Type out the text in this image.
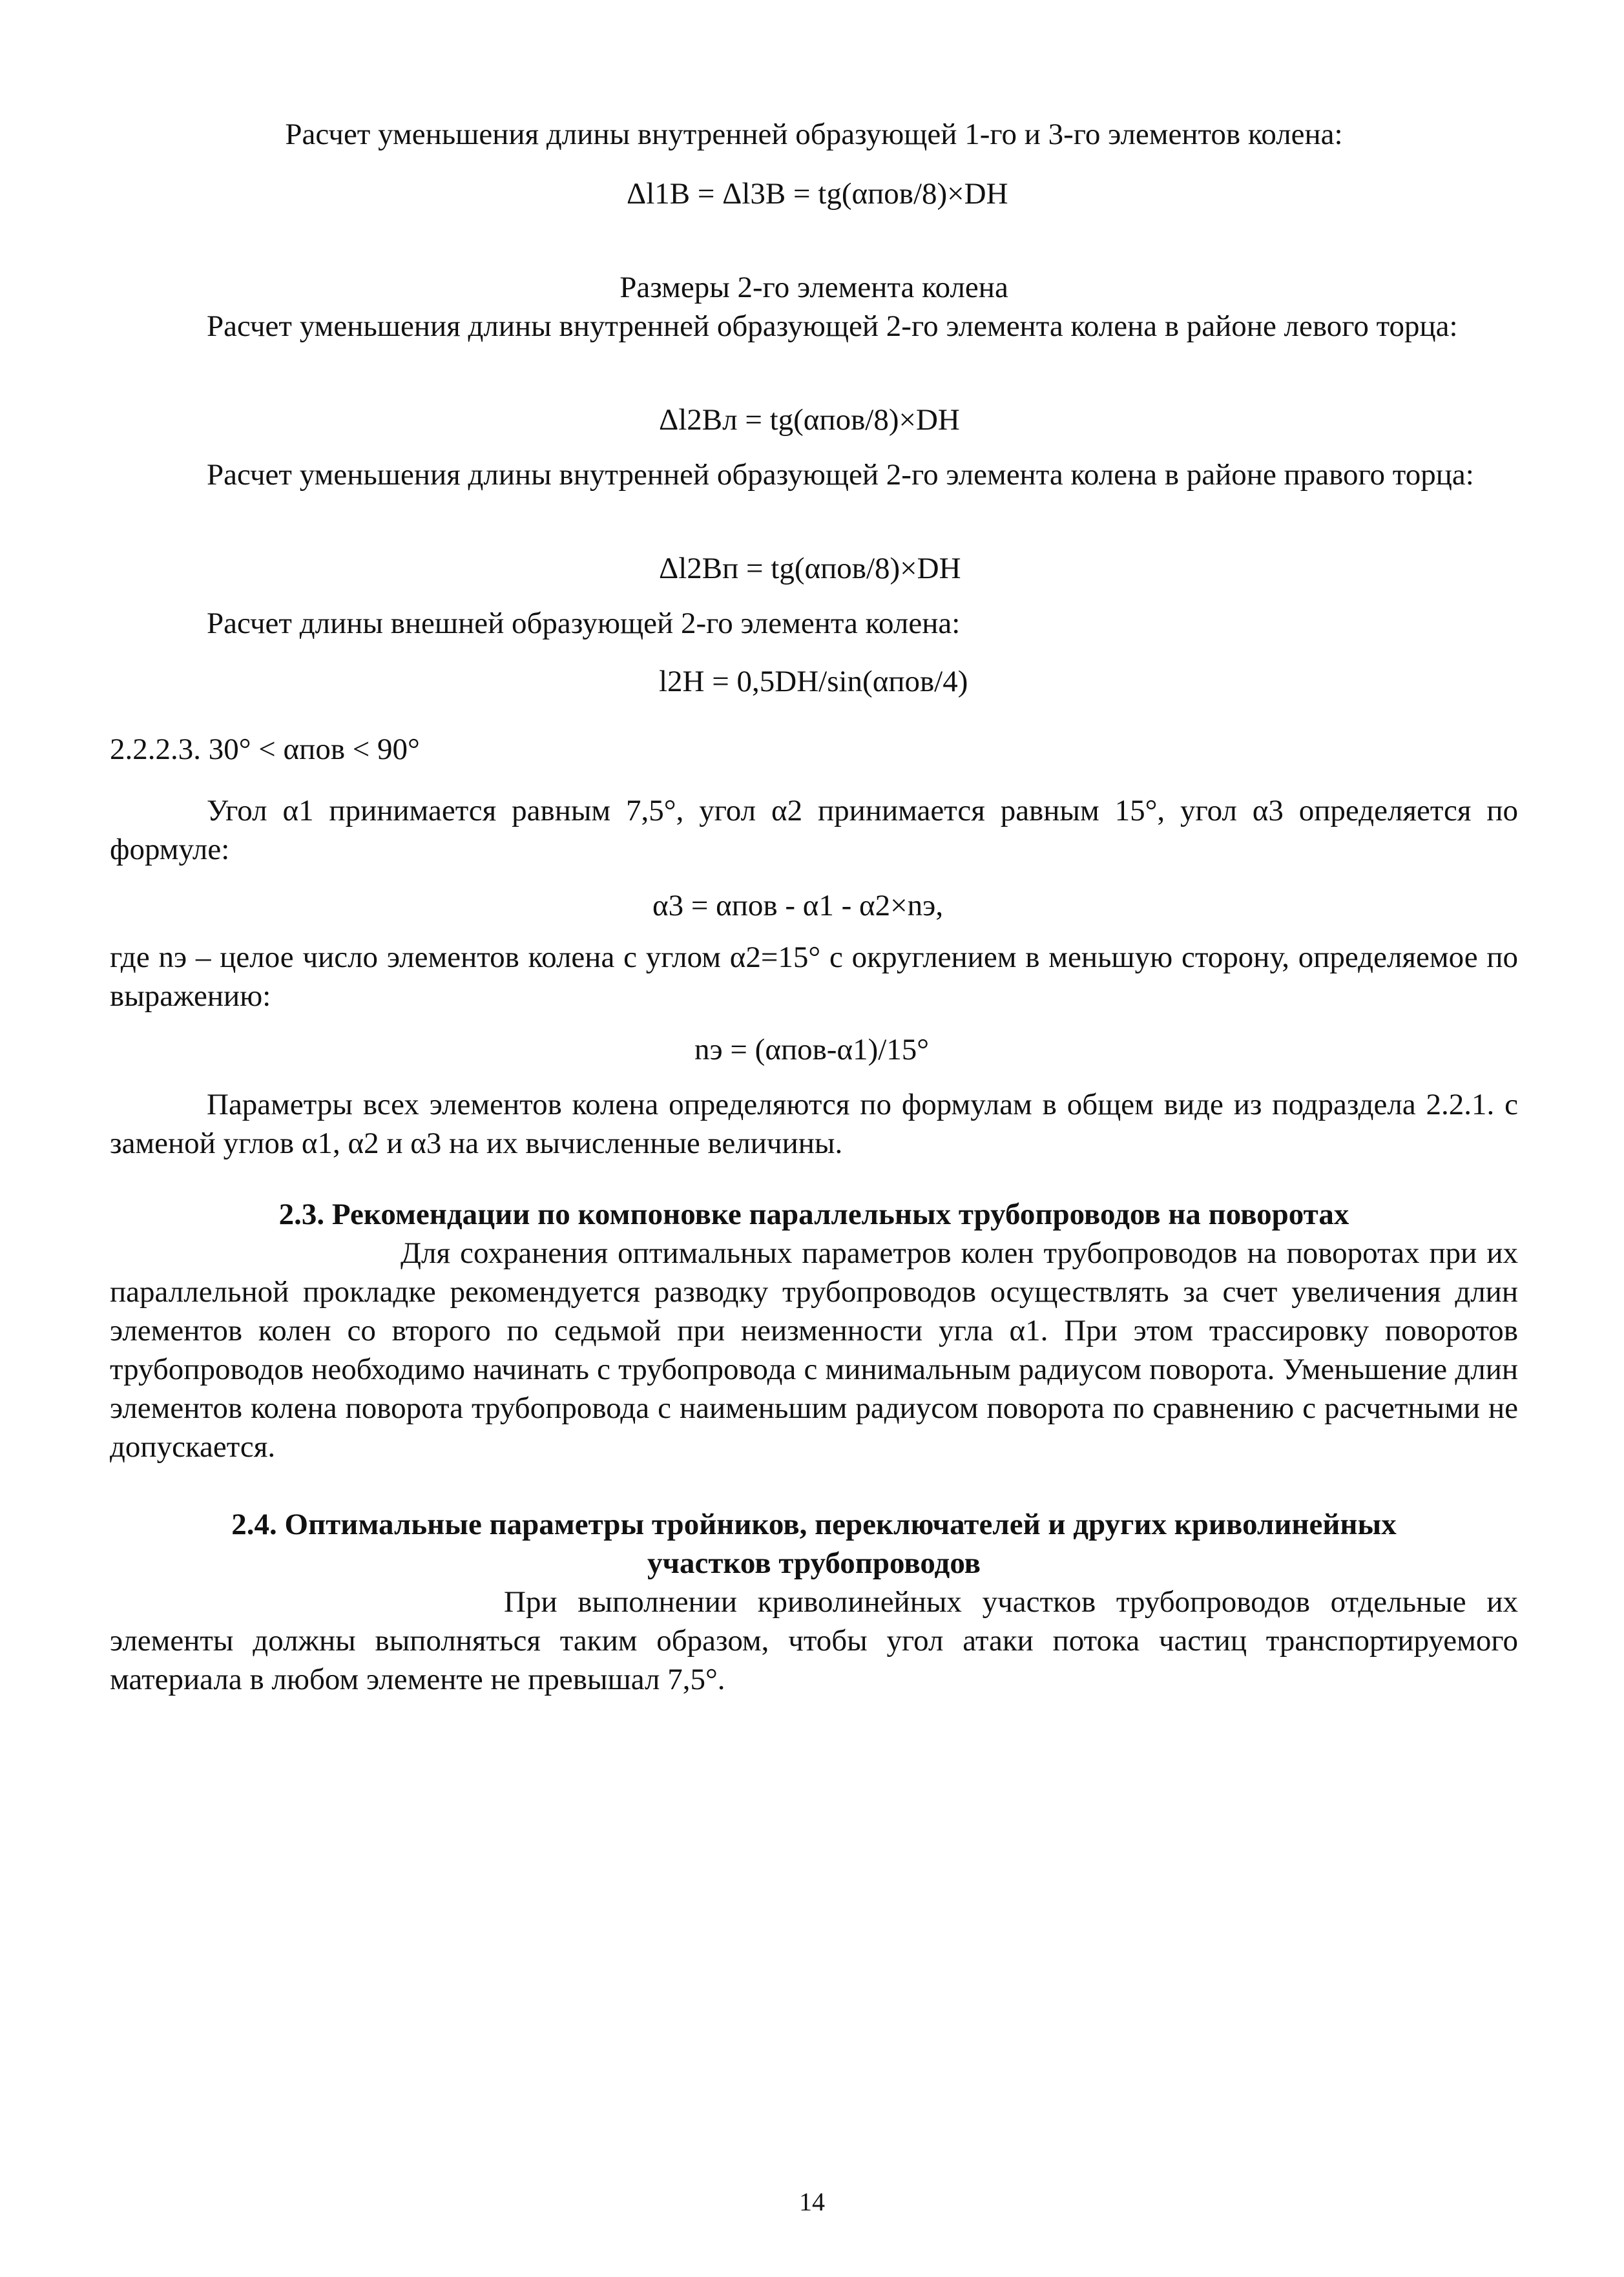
Расчет уменьшения длины внутренней образующей 1-го и 3-го элементов колена:

Δl1В = Δl3В = tg(αпов/8)×DН

Размеры 2-го элемента колена

Расчет уменьшения длины внутренней образующей 2-го элемента колена в районе левого торца:

Δl2Вл = tg(αпов/8)×DН

Расчет уменьшения длины внутренней образующей 2-го элемента колена в районе правого торца:

Δl2Вп = tg(αпов/8)×DН

Расчет длины внешней образующей 2-го элемента колена:

l2Н = 0,5DН/sin(αпов/4)

2.2.2.3. 30° < αпов < 90°

Угол α1 принимается равным 7,5°, угол α2 принимается равным 15°, угол α3 определяется по формуле:

α3 = αпов - α1 - α2×nэ,

где nэ – целое число элементов колена с углом α2=15° с округлением в меньшую сторону, определяемое по выражению:

nэ = (αпов-α1)/15°

Параметры всех элементов колена определяются по формулам в общем виде из подраздела 2.2.1. с заменой углов α1, α2 и α3 на их вычисленные величины.

2.3. Рекомендации по компоновке параллельных трубопроводов на поворотах

Для сохранения оптимальных параметров колен трубопроводов на поворотах при их параллельной прокладке рекомендуется разводку трубопроводов осуществлять за счет увеличения длин элементов колен со второго по седьмой при неизменности угла α1. При этом трассировку поворотов трубопроводов необходимо начинать с трубопровода с минимальным радиусом поворота. Уменьшение длин элементов колена поворота трубопровода с наименьшим радиусом поворота по сравнению с расчетными не допускается.

2.4. Оптимальные параметры тройников, переключателей и других криволинейных

участков трубопроводов

При выполнении криволинейных участков трубопроводов отдельные их элементы должны выполняться таким образом, чтобы угол атаки потока частиц транспортируемого материала в любом элементе не превышал 7,5°.

14
